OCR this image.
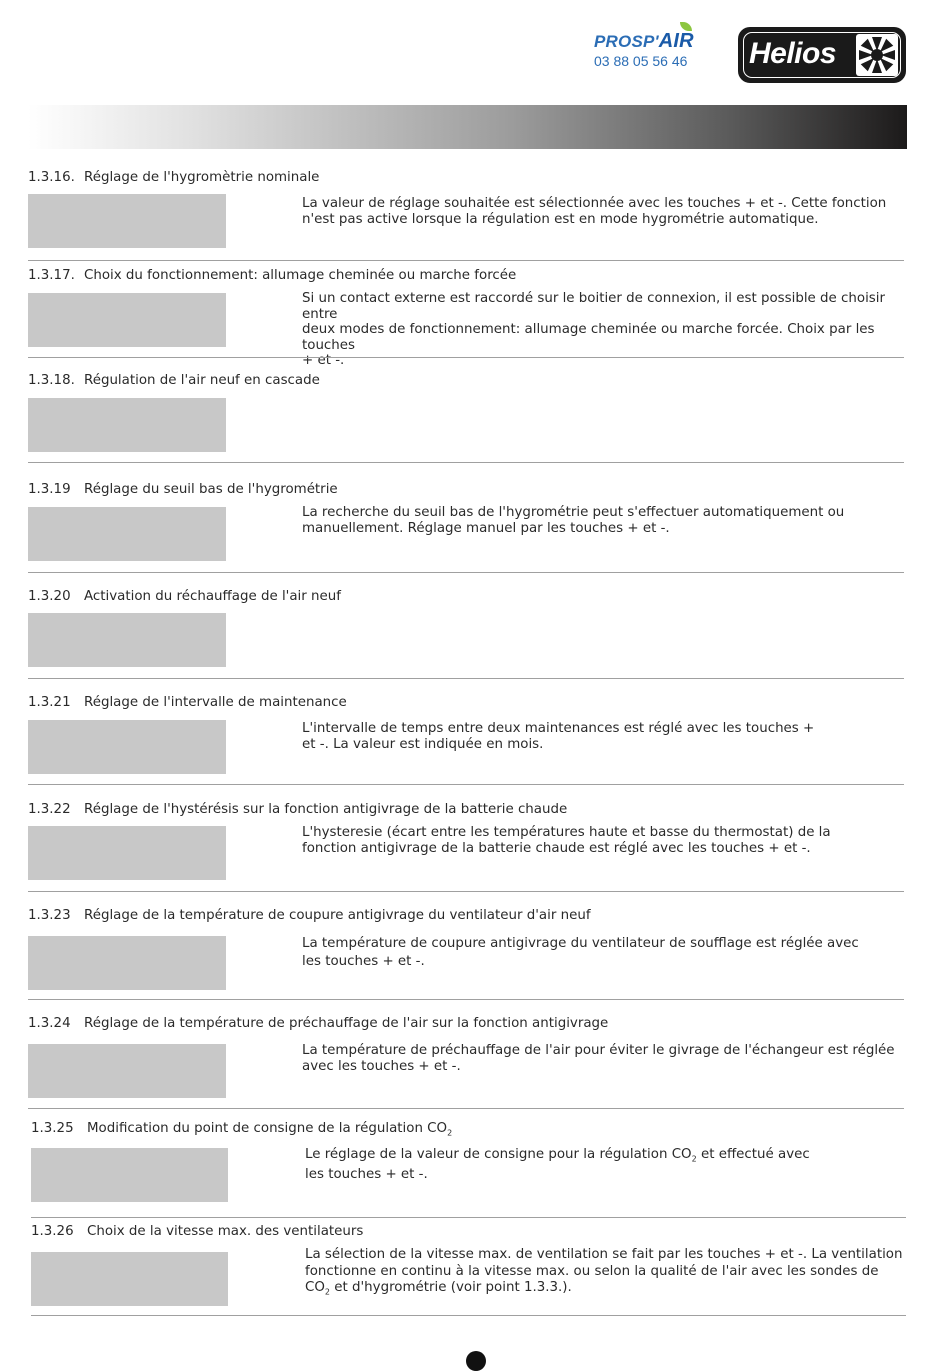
PROSP'AIR
03 88 05 56 46 Helios
1.3.16. Réglage de l'hygromètrie nominale
La valeur de réglage souhaitée est sélectionnée avec les touches + et -. Cette fonction
n'est pas active lorsque la régulation est en mode hygrométrie automatique.
1.3.17. Choix du fonctionnement: allumage cheminée ou marche forcée
Si un contact externe est raccordé sur le boitier de connexion, il est possible de choisir entre
deux modes de fonctionnement: allumage cheminée ou marche forcée. Choix par les touches
+ et -.
1.3.18. Régulation de l'air neuf en cascade
1.3.19 Réglage du seuil bas de l'hygrométrie
La recherche du seuil bas de l'hygrométrie peut s'effectuer automatiquement ou
manuellement. Réglage manuel par les touches + et -.
1.3.20 Activation du réchauffage de l'air neuf
1.3.21 Réglage de l'intervalle de maintenance
L'intervalle de temps entre deux maintenances est réglé avec les touches +
et -. La valeur est indiquée en mois.
1.3.22 Réglage de l'hystérésis sur la fonction antigivrage de la batterie chaude
L'hysteresie (écart entre les températures haute et basse du thermostat) de la
fonction antigivrage de la batterie chaude est réglé avec les touches + et -.
1.3.23 Réglage de la température de coupure antigivrage du ventilateur d'air neuf
La température de coupure antigivrage du ventilateur de soufflage est réglée avec
les touches + et -.
1.3.24 Réglage de la température de préchauffage de l'air sur la fonction antigivrage
La température de préchauffage de l'air pour éviter le givrage de l'échangeur est réglée
avec les touches + et -.
1.3.25 Modification du point de consigne de la régulation $CO_2$
Le réglage de la valeur de consigne pour la régulation $CO_2$ et effectué avec
les touches + et -.
1.3.26 Choix de la vitesse max. des ventilateurs
La sélection de la vitesse max. de ventilation se fait par les touches + et -. La ventilation
fonctionne en continu à la vitesse max. ou selon la qualité de l'air avec les sondes de
$CO_2$ et d'hygrométrie (voir point 1.3.3.).
